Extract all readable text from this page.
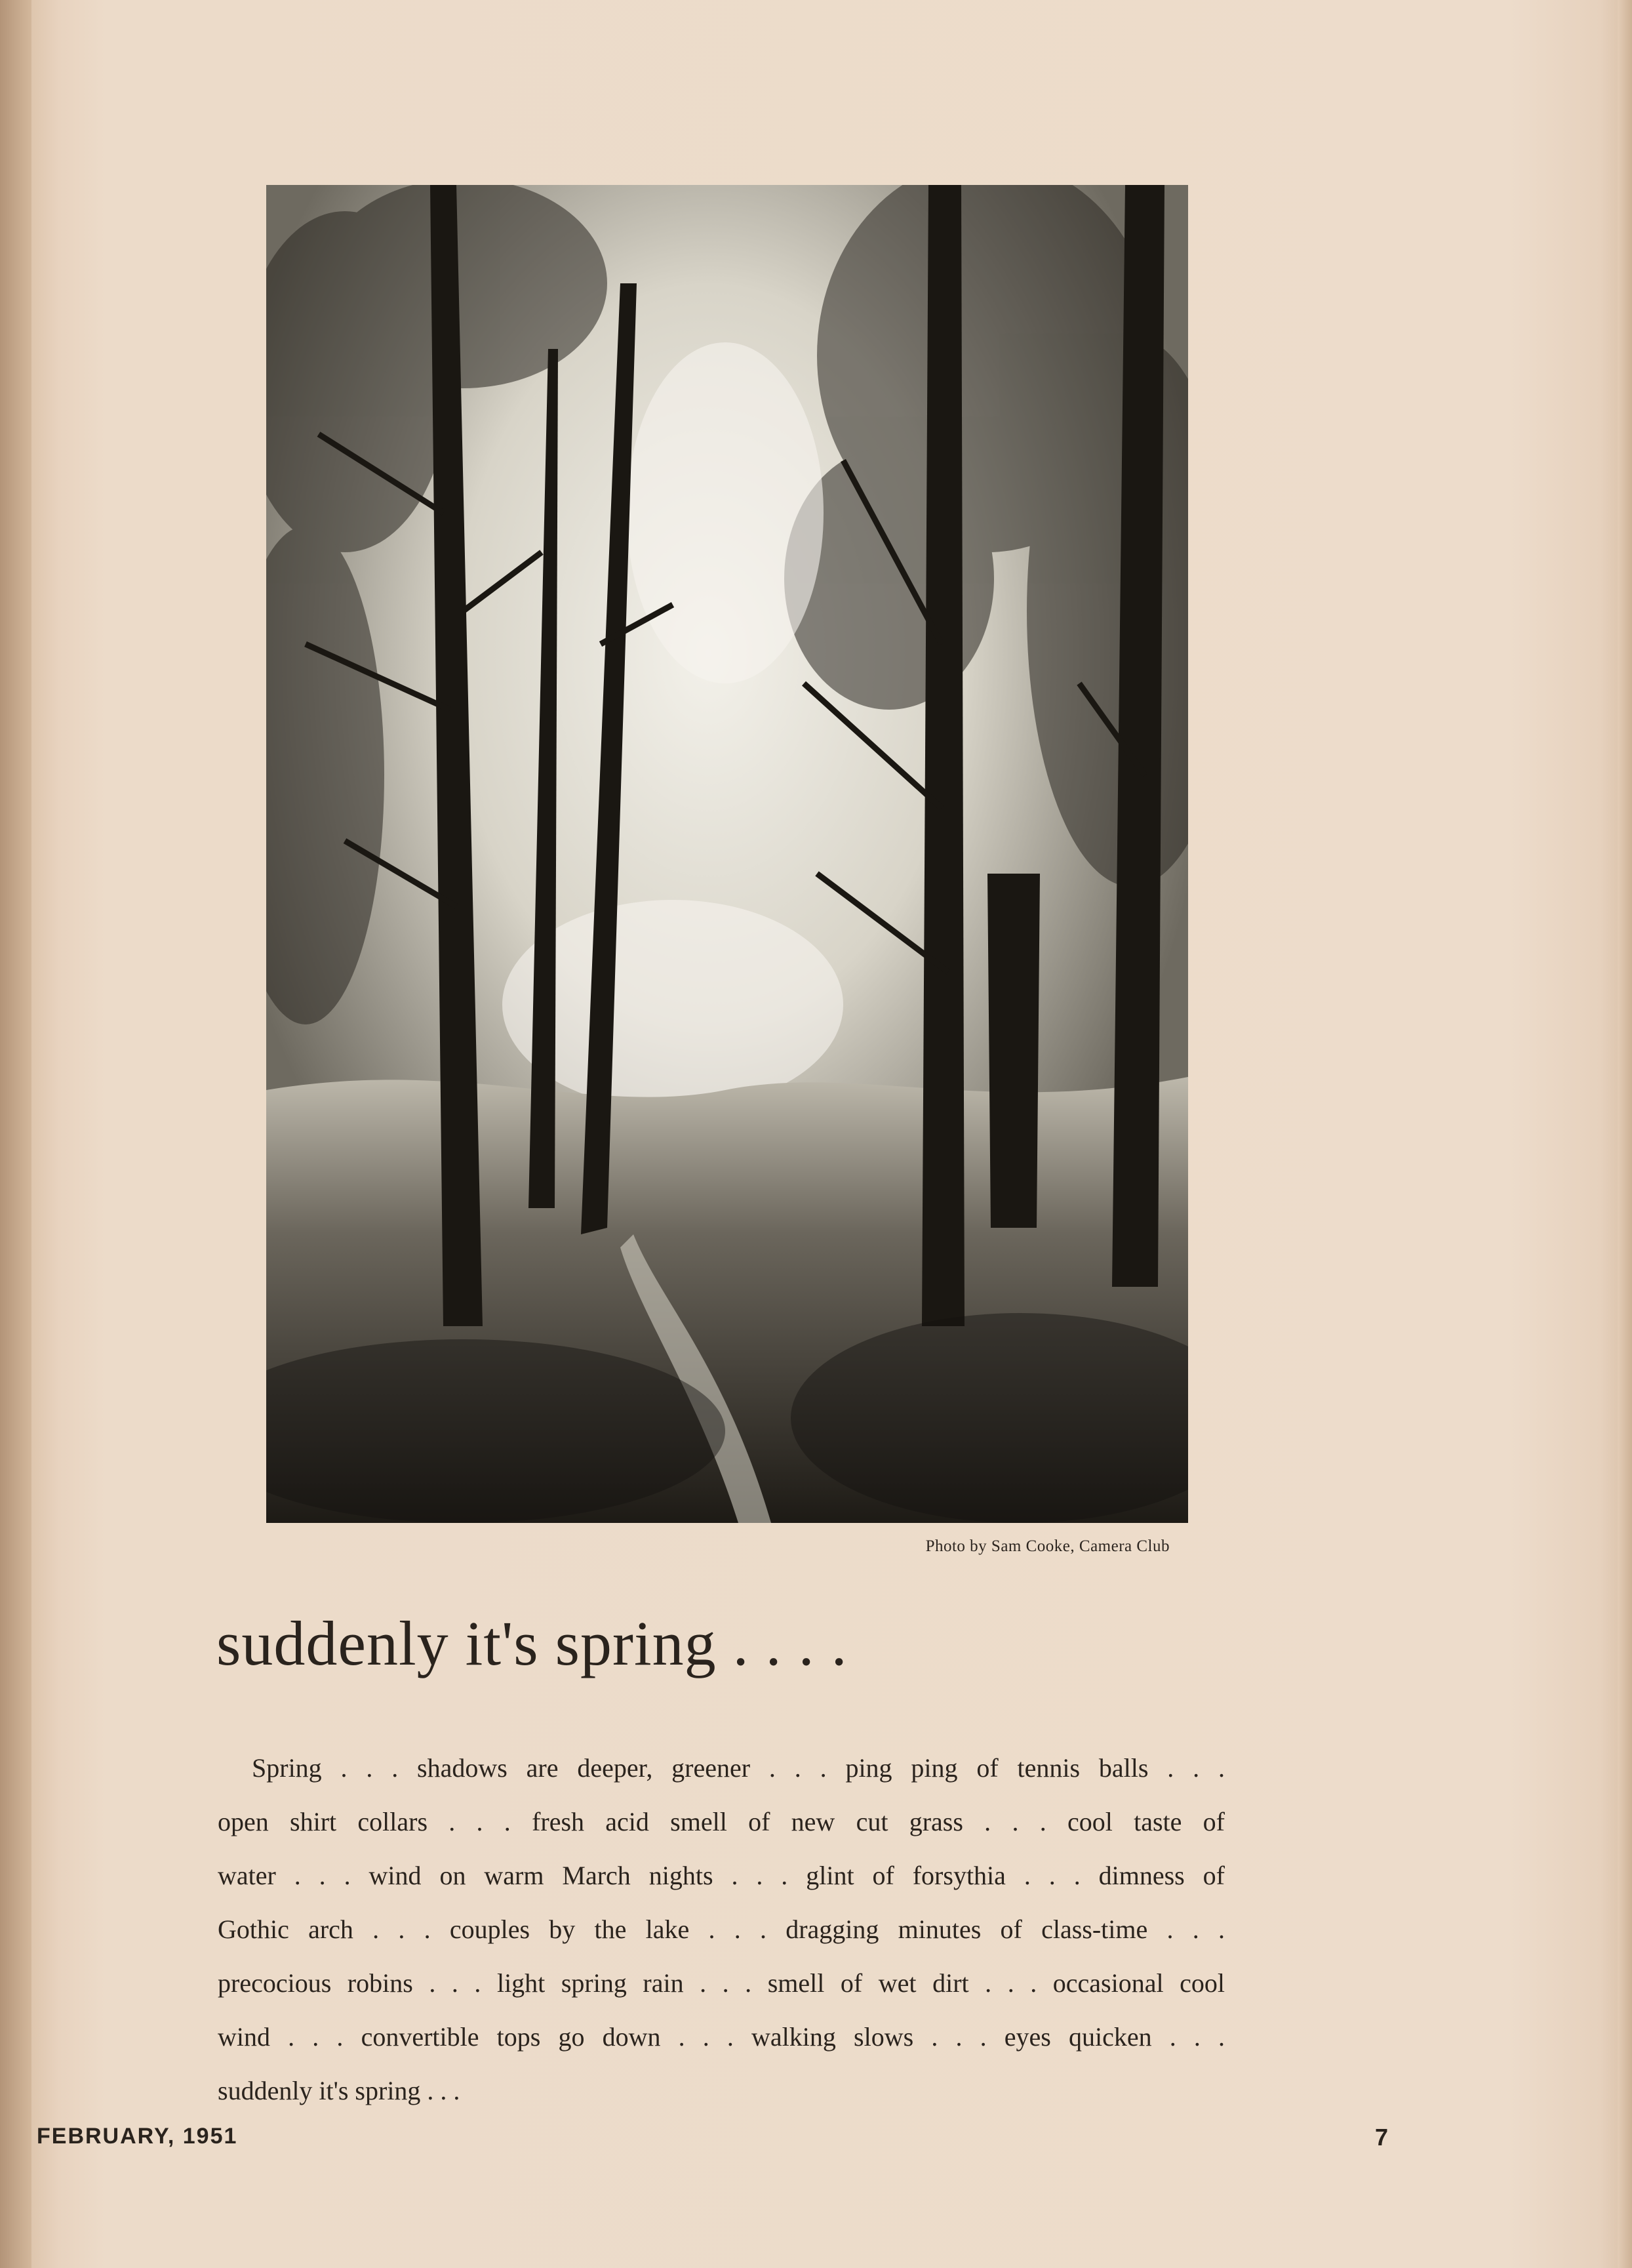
Photo by Sam Cooke, Camera Club
suddenly it's spring . . . .
Spring . . . shadows are deeper, greener . . . ping ping of tennis balls . . .
open shirt collars . . . fresh acid smell of new cut grass . . . cool taste of
water . . . wind on warm March nights . . . glint of forsythia . . . dimness of
Gothic arch . . . couples by the lake . . . dragging minutes of class-time . . .
precocious robins . . . light spring rain . . . smell of wet dirt . . . occasional cool
wind . . . convertible tops go down . . . walking slows . . . eyes quicken . . .
suddenly it's spring . . .
FEBRUARY, 1951	7
